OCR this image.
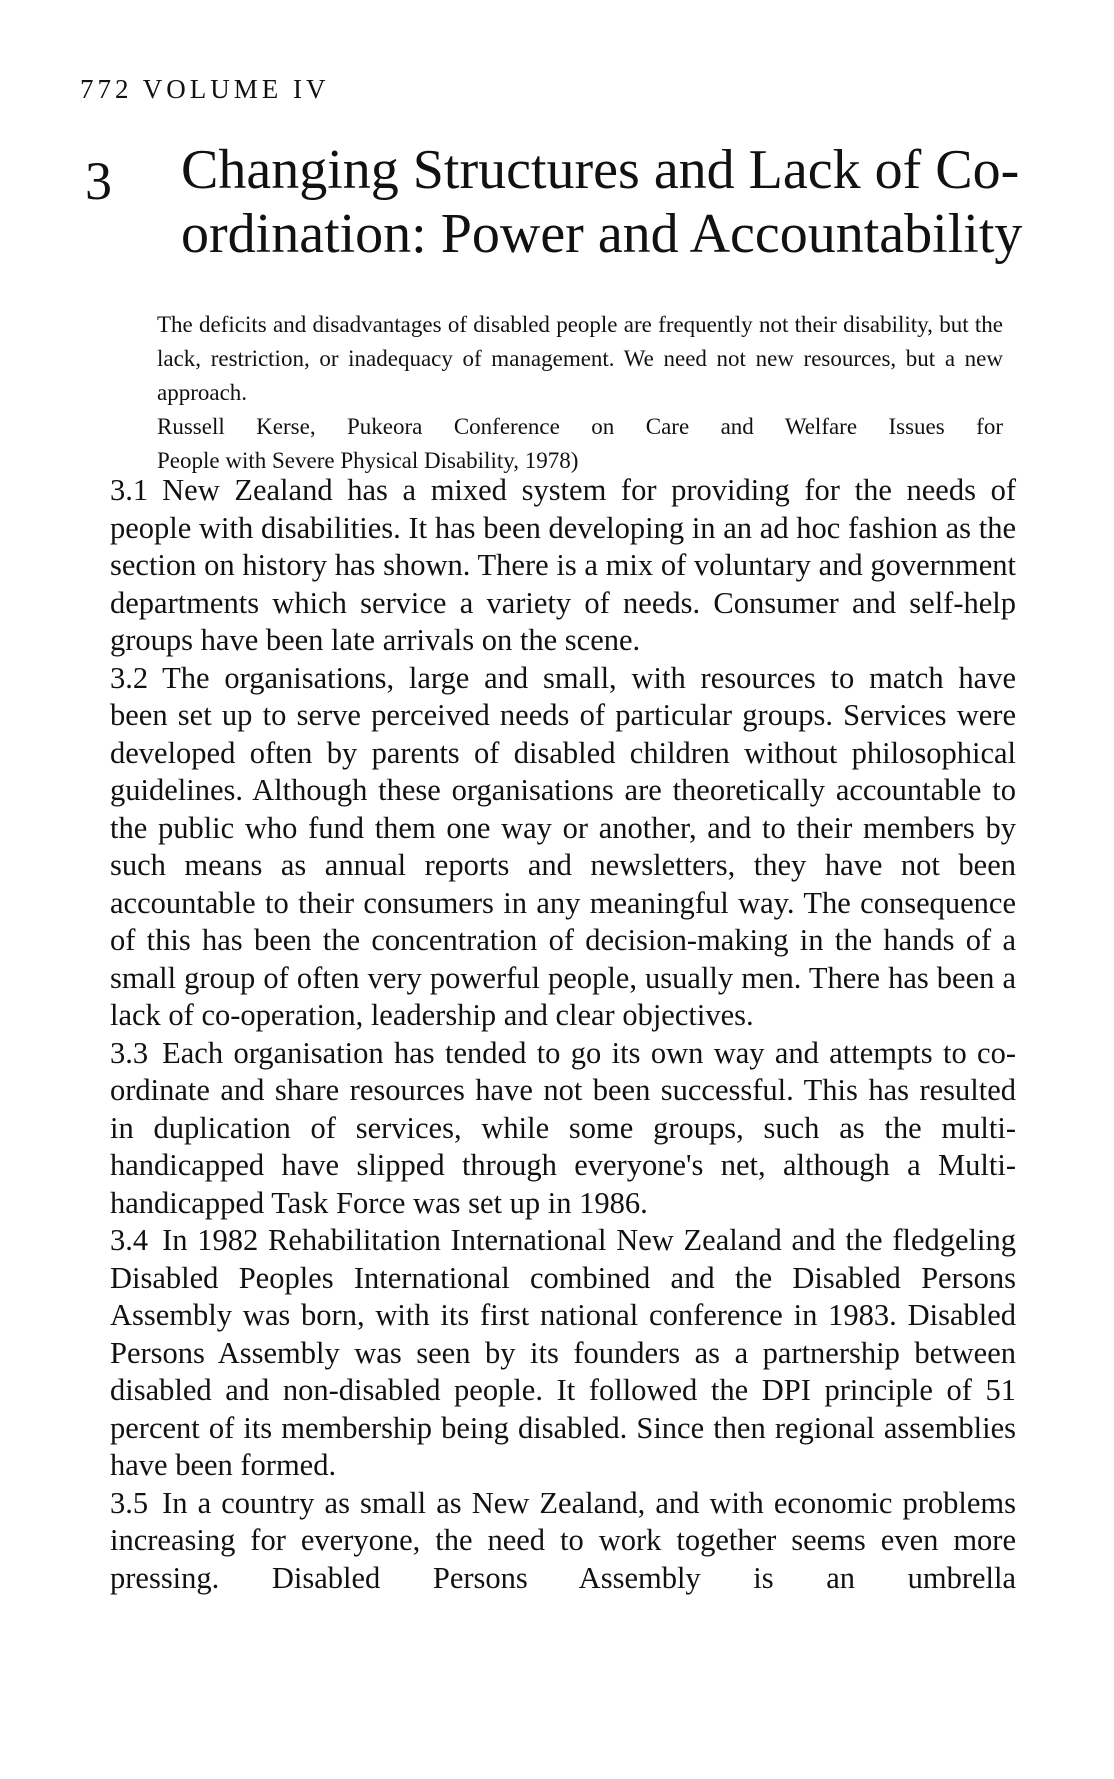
772 VOLUME IV
3 Changing Structures and Lack of Co-ordination: Power and Accountability

The deficits and disadvantages of disabled people are frequently not their disability, but the lack, restriction, or inadequacy of management. We need not new resources, but a new approach.

Russell Kerse, Pukeora Conference on Care and Welfare Issues for

People with Severe Physical Disability, 1978)

3.1 New Zealand has a mixed system for providing for the needs of people with disabilities. It has been developing in an ad hoc fashion as the section on history has shown. There is a mix of voluntary and government departments which service a variety of needs. Consumer and self-help groups have been late arrivals on the scene.

3.2 The organisations, large and small, with resources to match have been set up to serve perceived needs of particular groups. Services were developed often by parents of disabled children without philosophical guidelines. Although these organisations are theoretically accountable to the public who fund them one way or another, and to their members by such means as annual reports and newsletters, they have not been accountable to their consumers in any meaningful way. The consequence of this has been the concentration of decision-making in the hands of a small group of often very powerful people, usually men. There has been a lack of co-operation, leadership and clear objectives.

3.3 Each organisation has tended to go its own way and attempts to co-ordinate and share resources have not been successful. This has resulted in duplication of services, while some groups, such as the multi-handicapped have slipped through everyone's net, although a Multi-handicapped Task Force was set up in 1986.

3.4 In 1982 Rehabilitation International New Zealand and the fledgeling Disabled Peoples International combined and the Disabled Persons Assembly was born, with its first national conference in 1983. Disabled Persons Assembly was seen by its founders as a partnership between disabled and non-disabled people. It followed the DPI principle of 51 percent of its membership being disabled. Since then regional assemblies have been formed.

3.5 In a country as small as New Zealand, and with economic problems increasing for everyone, the need to work together seems even more pressing. Disabled Persons Assembly is an umbrella
